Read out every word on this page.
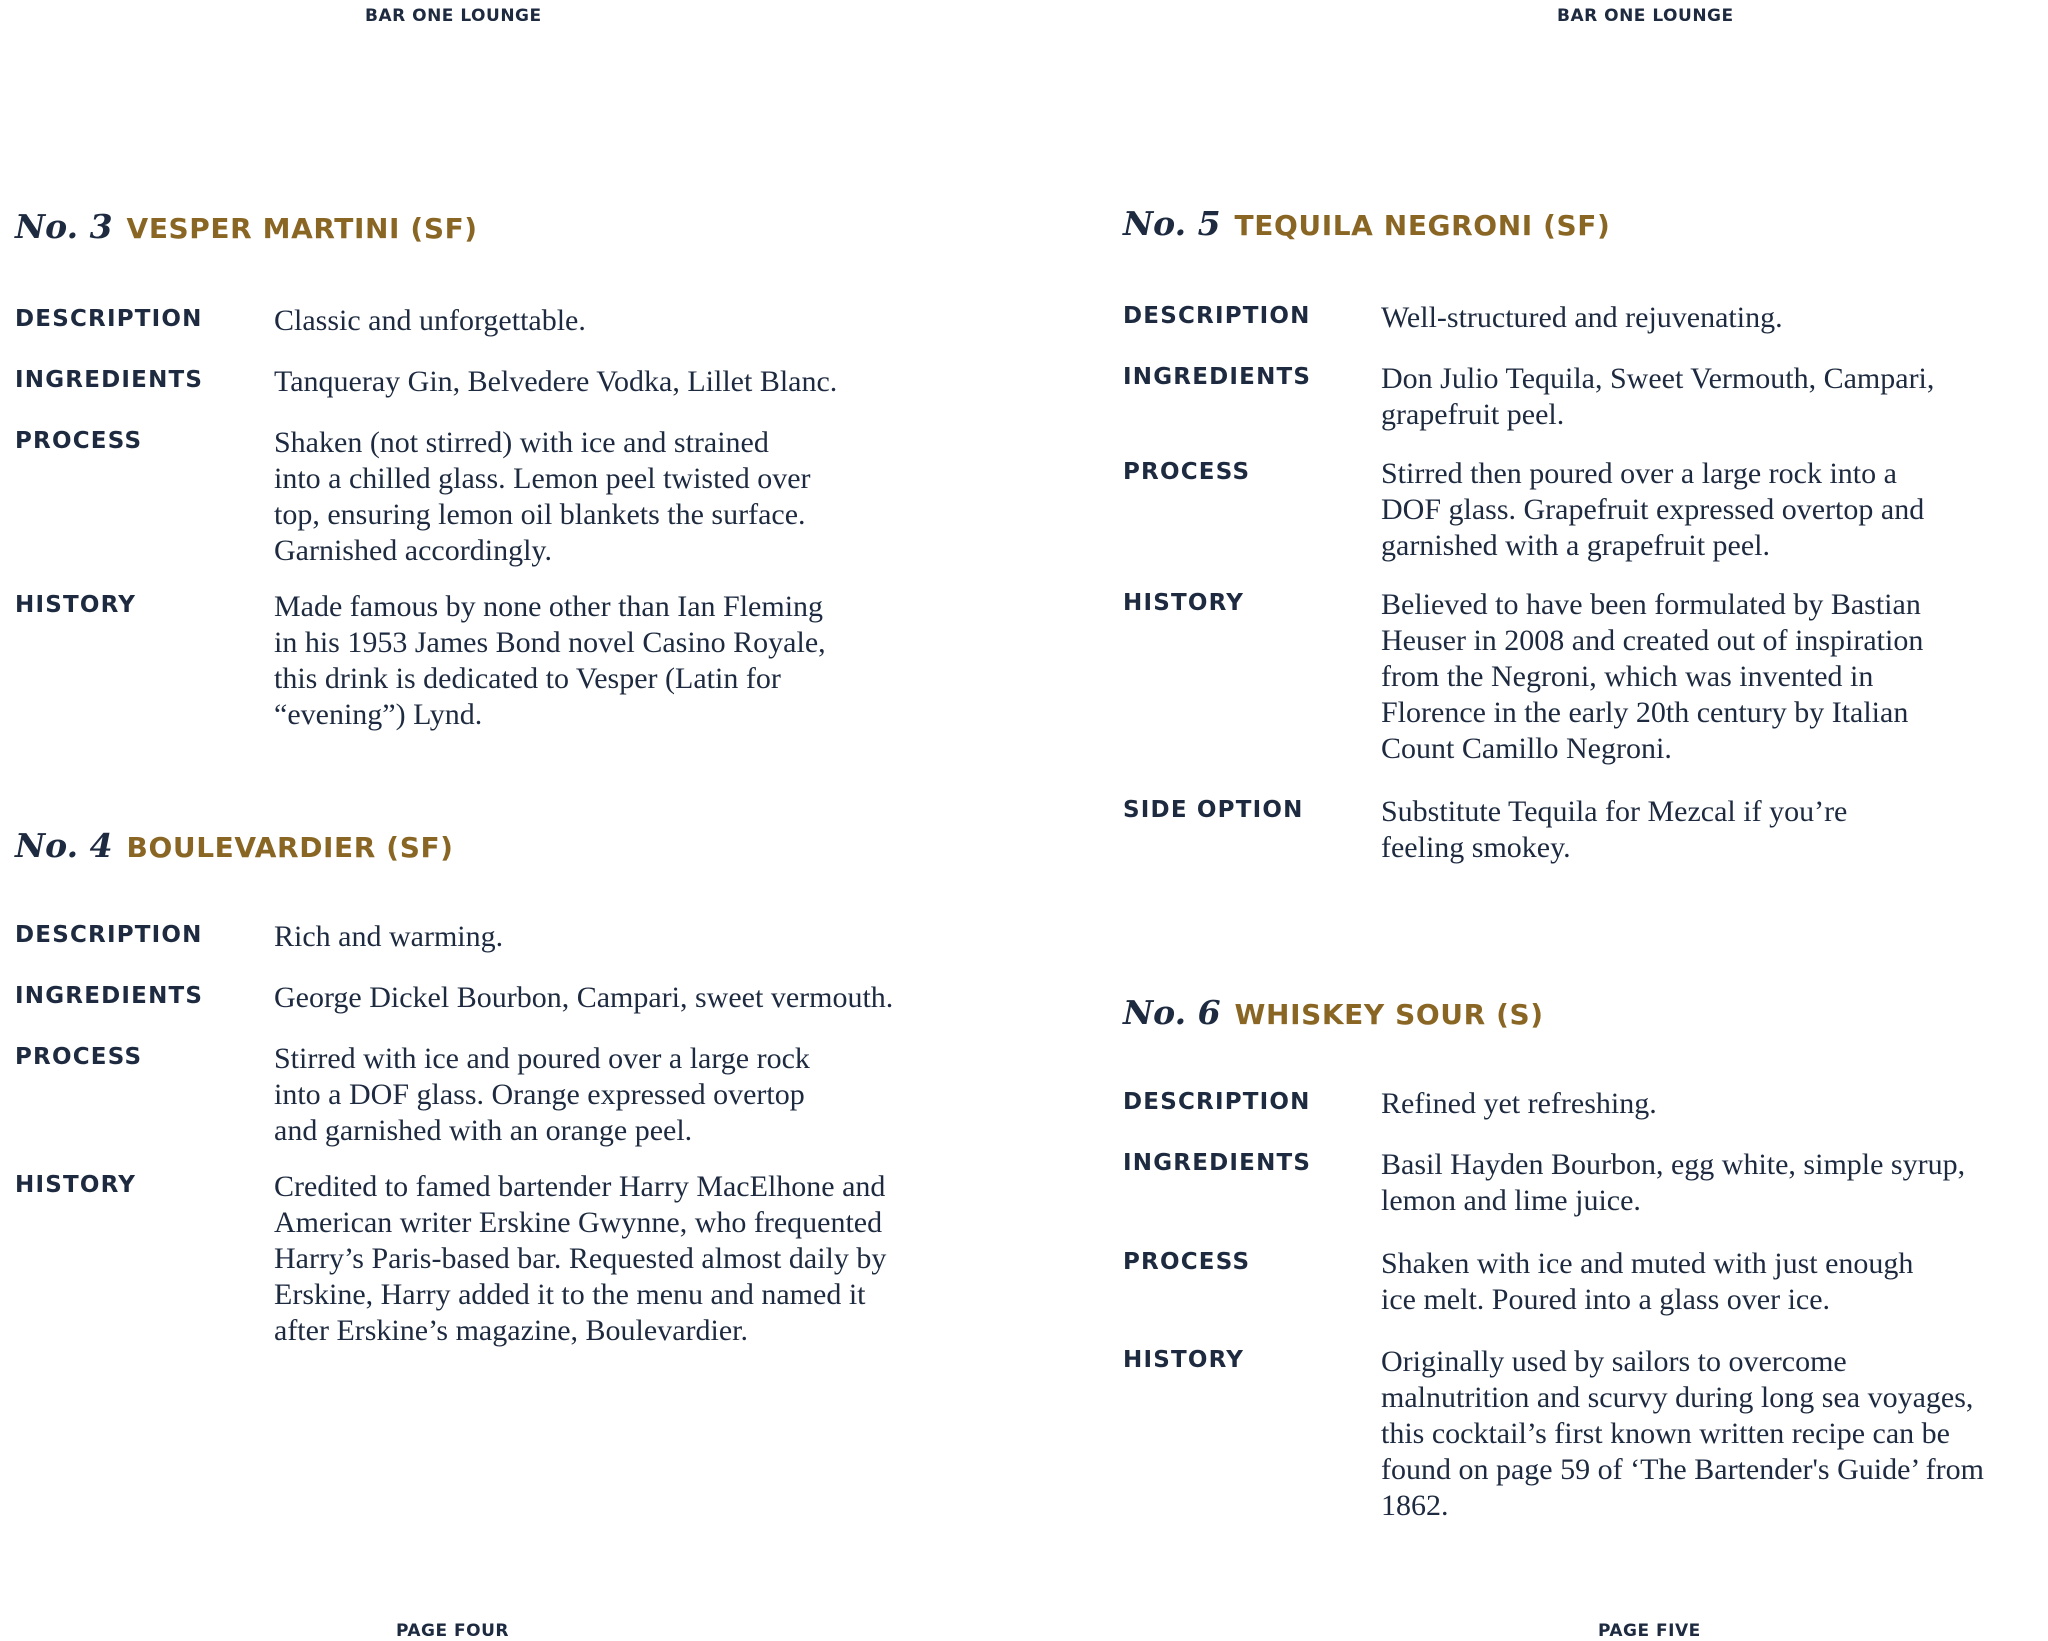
BAR ONE LOUNGE
No. 3 VESPER MARTINI (SF)
DESCRIPTION Classic and unforgettable.
INGREDIENTS Tanqueray Gin, Belvedere Vodka, Lillet Blanc.
PROCESS	Shaken (not stirred) with ice and strained
into a chilled glass. Lemon peel twisted over
top, ensuring lemon oil blankets the surface.
Garnished accordingly.
HISTORY	Made famous by none other than Ian Fleming
in his 1953 James Bond novel Casino Royale,
this drink is dedicated to Vesper (Latin for
“evening”) Lynd.
No. 4 BOULEVARDIER (SF)
DESCRIPTION Rich and warming.
INGREDIENTS George Dickel Bourbon, Campari, sweet vermouth.
PROCESS	Stirred with ice and poured over a large rock
into a DOF glass. Orange expressed overtop
and garnished with an orange peel.
HISTORY	Credited to famed bartender Harry MacElhone and
American writer Erskine Gwynne, who frequented
Harry’s Paris-based bar. Requested almost daily by
Erskine, Harry added it to the menu and named it
after Erskine’s magazine, Boulevardier.
PAGE FOUR
BAR ONE LOUNGE
No. 5 TEQUILA NEGRONI (SF)
DESCRIPTION Well-structured and rejuvenating.
INGREDIENTS Don Julio Tequila, Sweet Vermouth, Campari,
grapefruit peel.
PROCESS	Stirred then poured over a large rock into a
DOF glass. Grapefruit expressed overtop and
garnished with a grapefruit peel.
HISTORY	Believed to have been formulated by Bastian
Heuser in 2008 and created out of inspiration
from the Negroni, which was invented in
Florence in the early 20th century by Italian
Count Camillo Negroni.
SIDE OPTION	Substitute Tequila for Mezcal if you’re
feeling smokey.
No. 6 WHISKEY SOUR (S)
DESCRIPTION Refined yet refreshing.
INGREDIENTS Basil Hayden Bourbon, egg white, simple syrup,
lemon and lime juice.
PROCESS	Shaken with ice and muted with just enough
ice melt. Poured into a glass over ice.
HISTORY	Originally used by sailors to overcome
malnutrition and scurvy during long sea voyages,
this cocktail’s first known written recipe can be
found on page 59 of ‘The Bartender's Guide’ from
1862.
PAGE FIVE
